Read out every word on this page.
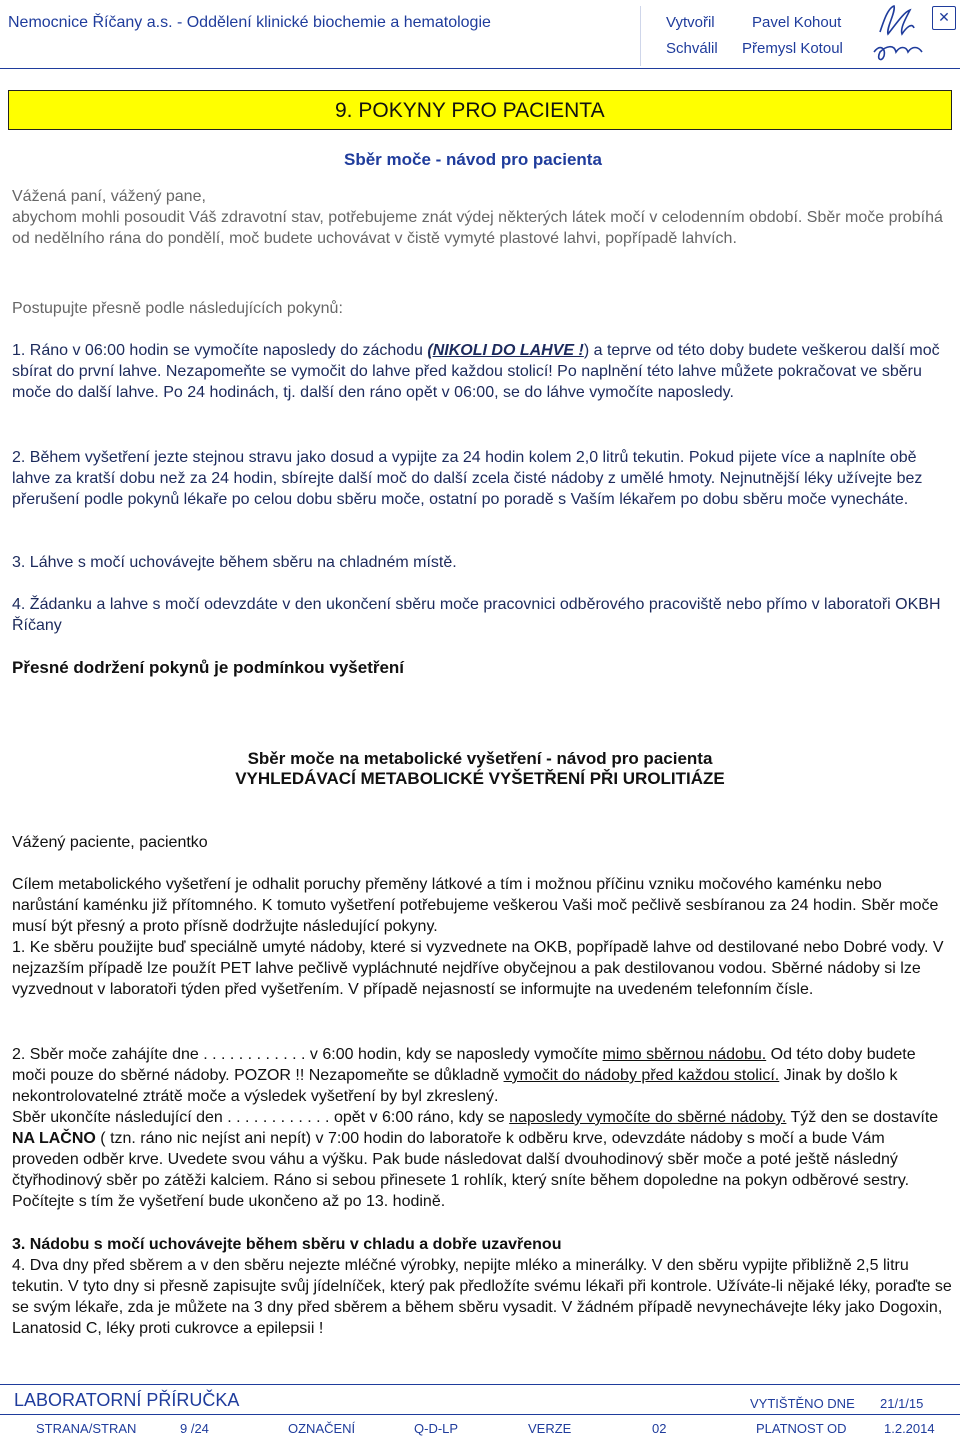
Nemocnice Říčany a.s. - Oddělení klinické biochemie a hematologie	Vytvořil Pavel Kohout
Schválil Přemysl Kotoul
✕
9. POKYNY PRO PACIENTA
Sběr moče - návod pro pacienta
Vážená paní, vážený pane,
abychom mohli posoudit Váš zdravotní stav, potřebujeme znát výdej některých látek močí v celodenním období. Sběr moče probíhá od nedělního rána do pondělí, moč budete uchovávat v čistě vymyté plastové lahvi, popřípadě lahvích.
Postupujte přesně podle následujících pokynů:
1. Ráno v 06:00 hodin se vymočíte naposledy do záchodu (NIKOLI DO LAHVE !) a teprve od této doby budete veškerou další moč sbírat do první lahve. Nezapomeňte se vymočit do lahve před každou stolicí! Po naplnění této lahve můžete pokračovat ve sběru moče do další lahve. Po 24 hodinách, tj. další den ráno opět v 06:00, se do láhve vymočíte naposledy.
2. Během vyšetření jezte stejnou stravu jako dosud a vypijte za 24 hodin kolem 2,0 litrů tekutin. Pokud pijete více a naplníte obě lahve za kratší dobu než za 24 hodin, sbírejte další moč do další zcela čisté nádoby z umělé hmoty. Nejnutnější léky užívejte bez přerušení podle pokynů lékaře po celou dobu sběru moče, ostatní po poradě s Vaším lékařem po dobu sběru moče vynecháte.
3. Láhve s močí uchovávejte během sběru na chladném místě.
4. Žádanku a lahve s močí odevzdáte v den ukončení sběru moče pracovnici odběrového pracoviště nebo přímo v laboratoři OKBH Říčany
Přesné dodržení pokynů je podmínkou vyšetření
Sběr moče na metabolické vyšetření - návod pro pacienta
VYHLEDÁVACÍ METABOLICKÉ VYŠETŘENÍ PŘI UROLITIÁZE
Vážený paciente, pacientko
Cílem metabolického vyšetření je odhalit poruchy přeměny látkové a tím i možnou příčinu vzniku močového kaménku nebo narůstání kaménku již přítomného. K tomuto vyšetření potřebujeme veškerou Vaši moč pečlivě sesbíranou za 24 hodin. Sběr moče musí být přesný a proto přísně dodržujte následující pokyny.
1. Ke sběru použijte buď speciálně umyté nádoby, které si vyzvednete na OKB, popřípadě lahve od destilované nebo Dobré vody. V nejzazším případě lze použít PET lahve pečlivě vypláchnuté nejdříve obyčejnou a pak destilovanou vodou. Sběrné nádoby si lze vyzvednout v laboratoři týden před vyšetřením. V případě nejasností se informujte na uvedeném telefonním čísle.
2. Sběr moče zahájíte dne . . . . . . . . . . . . v 6:00 hodin, kdy se naposledy vymočíte mimo sběrnou nádobu. Od této doby budete moči pouze do sběrné nádoby. POZOR !! Nezapomeňte se důkladně vymočit do nádoby před každou stolicí. Jinak by došlo k nekontrolovatelné ztrátě moče a výsledek vyšetření by byl zkreslený.
Sběr ukončíte následující den . . . . . . . . . . . . opět v 6:00 ráno, kdy se naposledy vymočíte do sběrné nádoby. Týž den se dostavíte NA LAČNO ( tzn. ráno nic nejíst ani nepít) v 7:00 hodin do laboratoře k odběru krve, odevzdáte nádoby s močí a bude Vám proveden odběr krve. Uvedete svou váhu a výšku. Pak bude následovat další dvouhodinový sběr moče a poté ještě následný čtyřhodinový sběr po zátěži kalciem. Ráno si sebou přinesete 1 rohlík, který sníte během dopoledne na pokyn odběrové sestry. Počítejte s tím že vyšetření bude ukončeno až po 13. hodině.
3. Nádobu s močí uchovávejte během sběru v chladu a dobře uzavřenou
4. Dva dny před sběrem a v den sběru nejezte mléčné výrobky, nepijte mléko a minerálky. V den sběru vypijte přibližně 2,5 litru tekutin. V tyto dny si přesně zapisujte svůj jídelníček, který pak předložíte svému lékaři při kontrole. Užíváte-li nějaké léky, poraďte se se svým lékaře, zda je můžete na 3 dny před sběrem a během sběru vysadit. V žádném případě nevynechávejte léky jako Dogoxin, Lanatosid C, léky proti cukrovce a epilepsii !
LABORATORNÍ PŘÍRUČKA	VYTIŠTĚNO DNE 21/1/15
STRANA/STRAN	9 /24	OZNAČENÍ	Q-D-LP	VERZE	02	PLATNOST OD	1.2.2014
